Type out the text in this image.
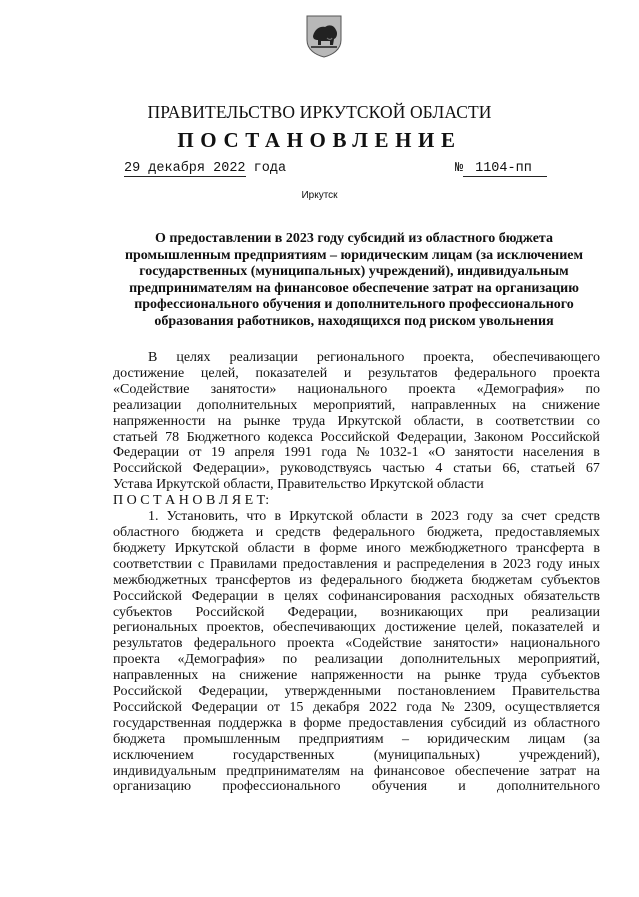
ПРАВИТЕЛЬСТВО ИРКУТСКОЙ ОБЛАСТИ
ПОСТАНОВЛЕНИЕ
29 декабря 2022 года	№ 1104-пп
Иркутск
О предоставлении в 2023 году субсидий из областного бюджета
промышленным предприятиям – юридическим лицам (за исключением
государственных (муниципальных) учреждений), индивидуальным
предпринимателям на финансовое обеспечение затрат на организацию
профессионального обучения и дополнительного профессионального
образования работников, находящихся под риском увольнения
В целях реализации регионального проекта, обеспечивающего
достижение целей, показателей и результатов федерального проекта
«Содействие занятости» национального проекта «Демография» по
реализации дополнительных мероприятий, направленных на снижение
напряженности на рынке труда Иркутской области, в соответствии со
статьей 78 Бюджетного кодекса Российской Федерации, Законом Российской
Федерации от 19 апреля 1991 года № 1032-1 «О занятости населения в
Российской Федерации», руководствуясь частью 4 статьи 66, статьей 67
Устава Иркутской области, Правительство Иркутской области
П О С Т А Н О В Л Я Е Т:
1. Установить, что в Иркутской области в 2023 году за счет средств
областного бюджета и средств федерального бюджета, предоставляемых
бюджету Иркутской области в форме иного межбюджетного трансферта в
соответствии с Правилами предоставления и распределения в 2023 году иных
межбюджетных трансфертов из федерального бюджета бюджетам субъектов
Российской Федерации в целях софинансирования расходных обязательств
субъектов Российской Федерации, возникающих при реализации
региональных проектов, обеспечивающих достижение целей, показателей и
результатов федерального проекта «Содействие занятости» национального
проекта «Демография» по реализации дополнительных мероприятий,
направленных на снижение напряженности на рынке труда субъектов
Российской Федерации, утвержденными постановлением Правительства
Российской Федерации от 15 декабря 2022 года № 2309, осуществляется
государственная поддержка в форме предоставления субсидий из областного
бюджета промышленным предприятиям – юридическим лицам (за
исключением	государственных	(муниципальных)	учреждений),
индивидуальным предпринимателям на финансовое обеспечение затрат на
организацию профессионального обучения и дополнительного
